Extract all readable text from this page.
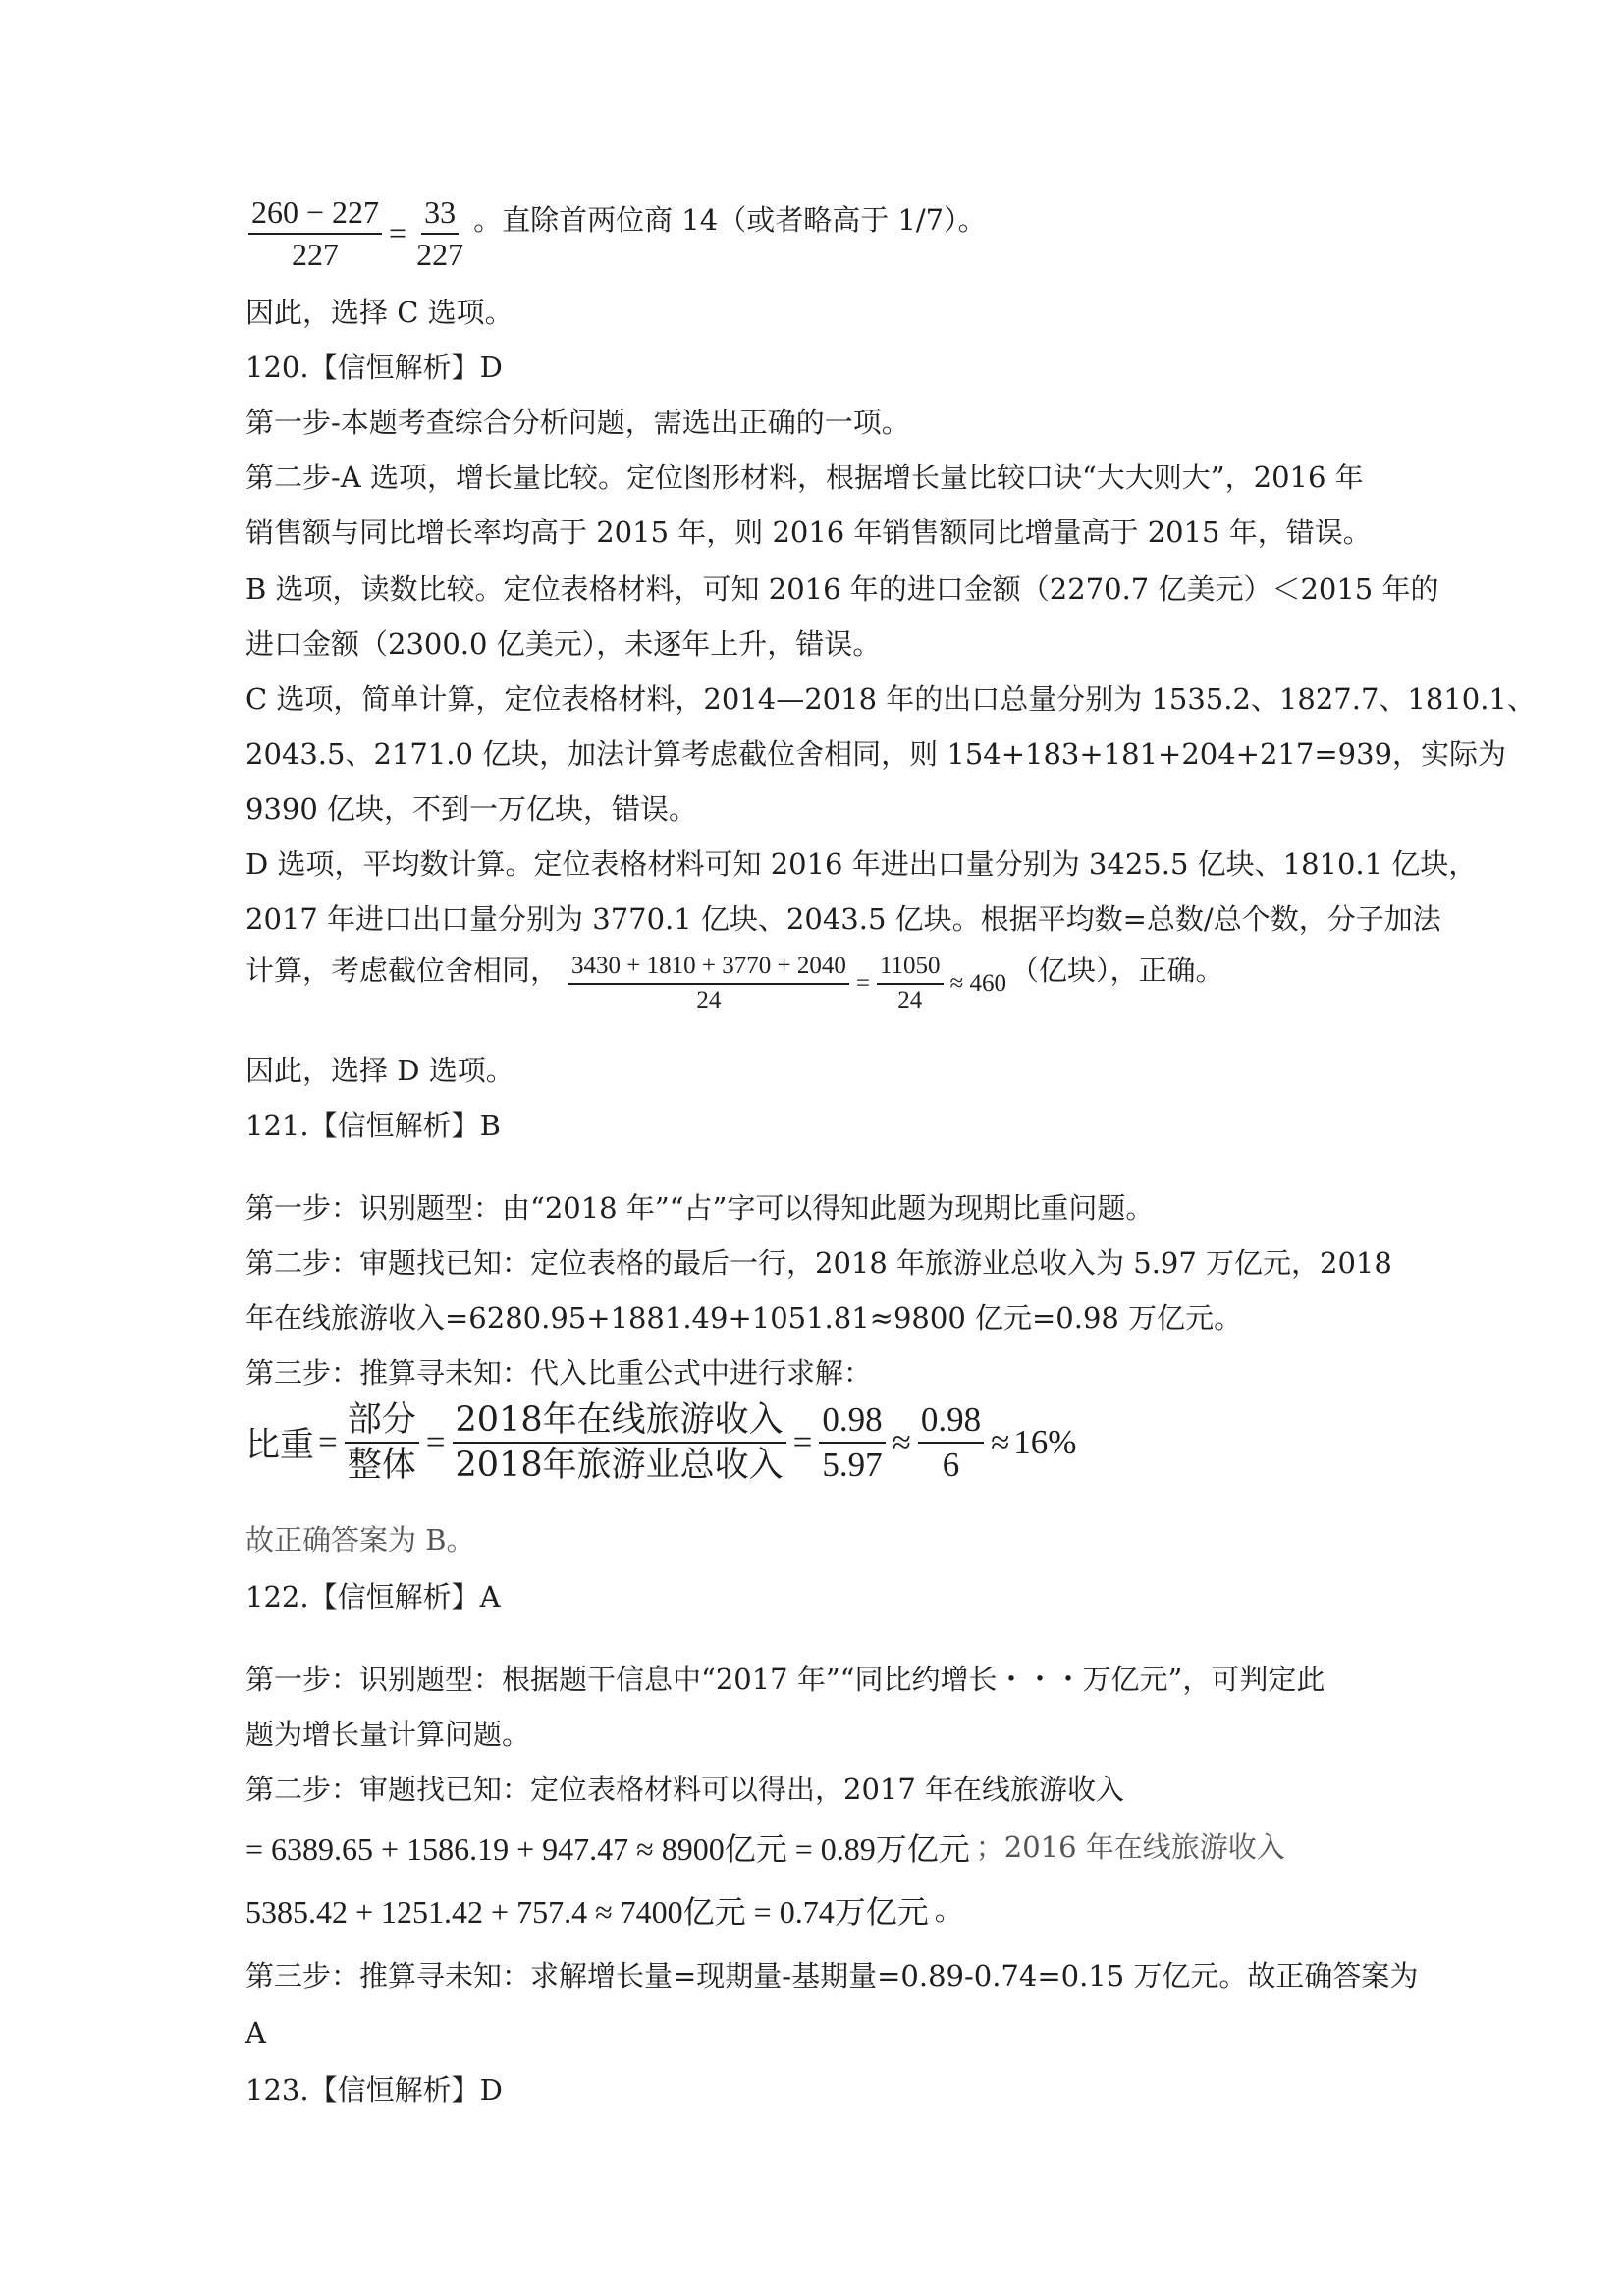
$\frac{260 - 227}{227} = \frac{33}{227}$ 。直除首两位商 14（或者略高于 1/7）。

因此，选择 C 选项。

120.【信恒解析】D

第一步-本题考查综合分析问题，需选出正确的一项。

第二步-A 选项，增长量比较。定位图形材料，根据增长量比较口诀“大大则大”，2016 年

销售额与同比增长率均高于 2015 年，则 2016 年销售额同比增量高于 2015 年，错误。

B 选项，读数比较。定位表格材料，可知 2016 年的进口金额（2270.7 亿美元）＜2015 年的

进口金额（2300.0 亿美元），未逐年上升，错误。

C 选项，简单计算，定位表格材料，2014—2018 年的出口总量分别为 1535.2、1827.7、1810.1、

2043.5、2171.0 亿块，加法计算考虑截位舍相同，则 154+183+181+204+217=939，实际为

9390 亿块，不到一万亿块，错误。

D 选项，平均数计算。定位表格材料可知 2016 年进出口量分别为 3425.5 亿块、1810.1 亿块，

2017 年进口出口量分别为 3770.1 亿块、2043.5 亿块。根据平均数=总数/总个数，分子加法

计算，考虑截位舍相同， $\frac{3430 + 1810 + 3770 + 2040}{24} = \frac{11050}{24} \approx 460$ （亿块），正确。

因此，选择 D 选项。

121.【信恒解析】B

第一步：识别题型：由“2018 年”“占”字可以得知此题为现期比重问题。

第二步：审题找已知：定位表格的最后一行，2018 年旅游业总收入为 5.97 万亿元，2018

年在线旅游收入=6280.95+1881.49+1051.81≈9800 亿元=0.98 万亿元。

第三步：推算寻未知：代入比重公式中进行求解：

比重 = $\frac{\text{部分}}{\text{整体}} = \frac{\text{2018年在线旅游收入}}{\text{2018年旅游业总收入}} = \frac{0.98}{5.97} \approx \frac{0.98}{6} \approx 16\%$

故正确答案为 B。

122.【信恒解析】A

第一步：识别题型：根据题干信息中“2017 年”“同比约增长・・・万亿元”，可判定此

题为增长量计算问题。

第二步：审题找已知：定位表格材料可以得出，2017 年在线旅游收入

= 6389.65 + 1586.19 + 947.47 ≈ 8900亿元 = 0.89万亿元 ；2016 年在线旅游收入
5385.42 + 1251.42 + 757.4 ≈ 7400亿元 = 0.74万亿元 。

第三步：推算寻未知：求解增长量=现期量-基期量=0.89-0.74=0.15 万亿元。故正确答案为

A

123.【信恒解析】D
